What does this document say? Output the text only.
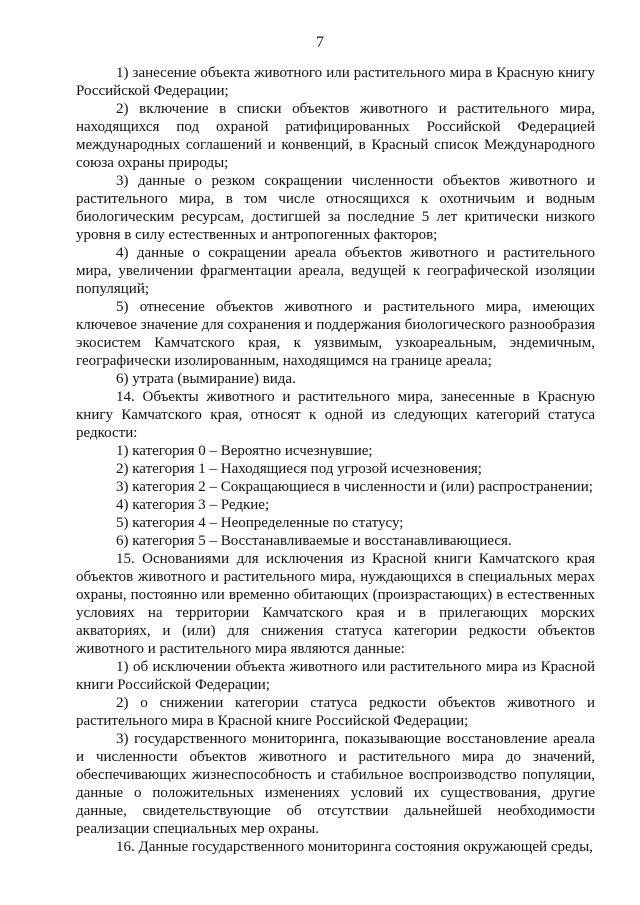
7

1) занесение объекта животного или растительного мира в Красную книгу Российской Федерации;

2) включение в списки объектов животного и растительного мира, находящихся под охраной ратифицированных Российской Федерацией международных соглашений и конвенций, в Красный список Международного союза охраны природы;

3) данные о резком сокращении численности объектов животного и растительного мира, в том числе относящихся к охотничьим и водным биологическим ресурсам, достигшей за последние 5 лет критически низкого уровня в силу естественных и антропогенных факторов;

4) данные о сокращении ареала объектов животного и растительного мира, увеличении фрагментации ареала, ведущей к географической изоляции популяций;

5) отнесение объектов животного и растительного мира, имеющих ключевое значение для сохранения и поддержания биологического разнообразия экосистем Камчатского края, к уязвимым, узкоареальным, эндемичным, географически изолированным, находящимся на границе ареала;

6) утрата (вымирание) вида.

14. Объекты животного и растительного мира, занесенные в Красную книгу Камчатского края, относят к одной из следующих категорий статуса редкости:

1) категория 0 – Вероятно исчезнувшие;

2) категория 1 – Находящиеся под угрозой исчезновения;

3) категория 2 – Сокращающиеся в численности и (или) распространении;

4) категория 3 – Редкие;

5) категория 4 – Неопределенные по статусу;

6) категория 5 – Восстанавливаемые и восстанавливающиеся.

15. Основаниями для исключения из Красной книги Камчатского края объектов животного и растительного мира, нуждающихся в специальных мерах охраны, постоянно или временно обитающих (произрастающих) в естественных условиях на территории Камчатского края и в прилегающих морских акваториях, и (или) для снижения статуса категории редкости объектов животного и растительного мира являются данные:

1) об исключении объекта животного или растительного мира из Красной книги Российской Федерации;

2) о снижении категории статуса редкости объектов животного и растительного мира в Красной книге Российской Федерации;

3) государственного мониторинга, показывающие восстановление ареала и численности объектов животного и растительного мира до значений, обеспечивающих жизнеспособность и стабильное воспроизводство популяции, данные о положительных изменениях условий их существования, другие данные, свидетельствующие об отсутствии дальнейшей необходимости реализации специальных мер охраны.

16. Данные государственного мониторинга состояния окружающей среды,
